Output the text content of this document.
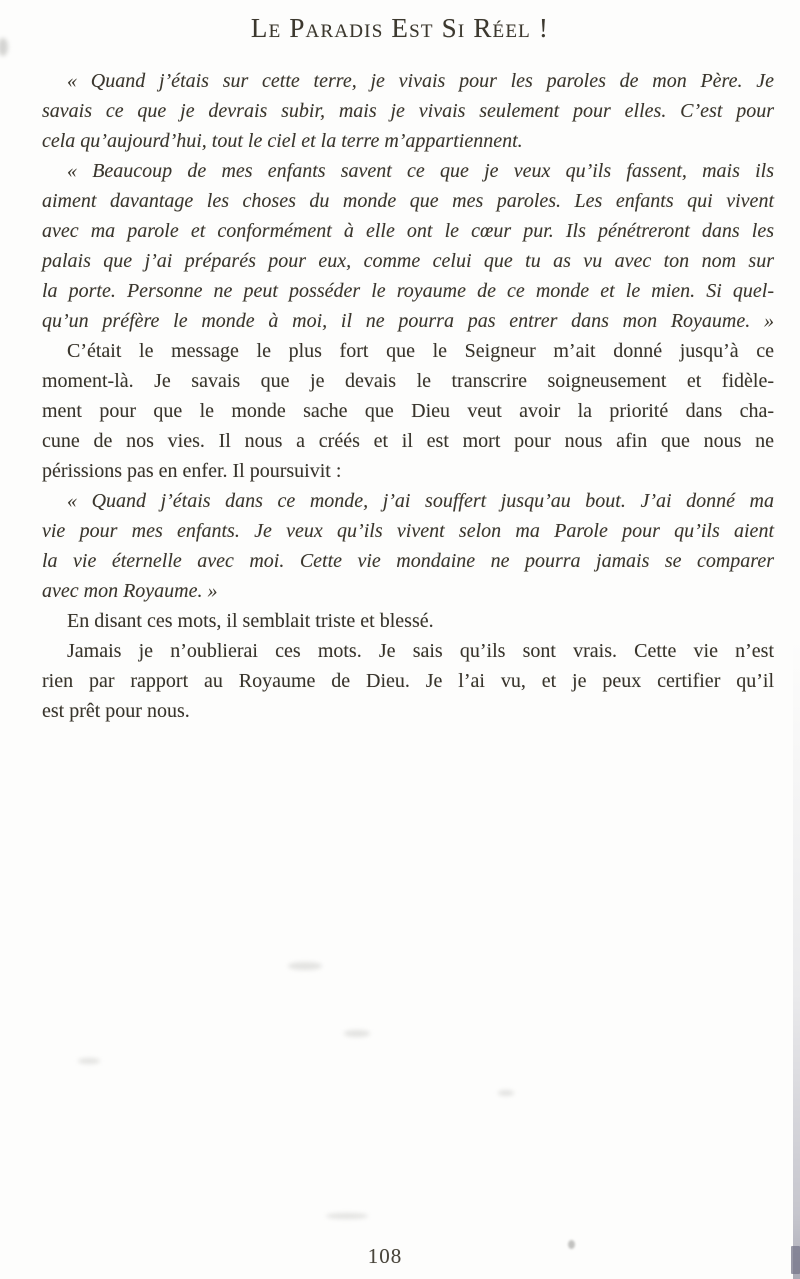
Le Paradis Est Si Réel !
« Quand j’étais sur cette terre, je vivais pour les paroles de mon Père. Je
savais ce que je devrais subir, mais je vivais seulement pour elles. C’est pour
cela qu’aujourd’hui, tout le ciel et la terre m’appartiennent.
« Beaucoup de mes enfants savent ce que je veux qu’ils fassent, mais ils
aiment davantage les choses du monde que mes paroles. Les enfants qui vivent
avec ma parole et conformément à elle ont le cœur pur. Ils pénétreront dans les
palais que j’ai préparés pour eux, comme celui que tu as vu avec ton nom sur
la porte. Personne ne peut posséder le royaume de ce monde et le mien. Si quel-
qu’un préfère le monde à moi, il ne pourra pas entrer dans mon Royaume. »
C’était le message le plus fort que le Seigneur m’ait donné jusqu’à ce
moment-là. Je savais que je devais le transcrire soigneusement et fidèle-
ment pour que le monde sache que Dieu veut avoir la priorité dans cha-
cune de nos vies. Il nous a créés et il est mort pour nous afin que nous ne
périssions pas en enfer. Il poursuivit :
« Quand j’étais dans ce monde, j’ai souffert jusqu’au bout. J’ai donné ma
vie pour mes enfants. Je veux qu’ils vivent selon ma Parole pour qu’ils aient
la vie éternelle avec moi. Cette vie mondaine ne pourra jamais se comparer
avec mon Royaume. »
En disant ces mots, il semblait triste et blessé.
Jamais je n’oublierai ces mots. Je sais qu’ils sont vrais. Cette vie n’est
rien par rapport au Royaume de Dieu. Je l’ai vu, et je peux certifier qu’il
est prêt pour nous.
108
